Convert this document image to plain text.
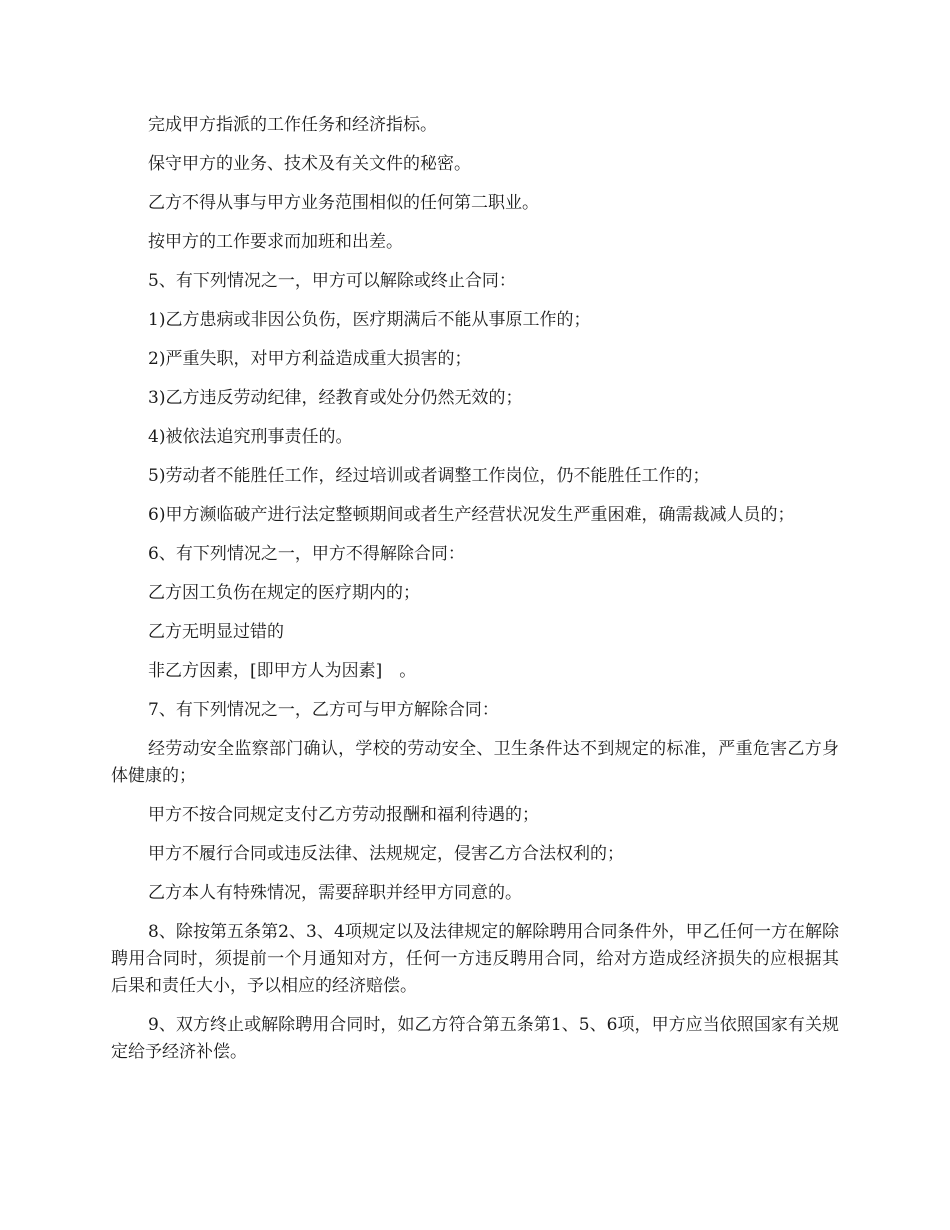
完成甲方指派的工作任务和经济指标。

保守甲方的业务、技术及有关文件的秘密。

乙方不得从事与甲方业务范围相似的任何第二职业。

按甲方的工作要求而加班和出差。

5、有下列情况之一，甲方可以解除或终止合同：

1)乙方患病或非因公负伤，医疗期满后不能从事原工作的；

2)严重失职，对甲方利益造成重大损害的；

3)乙方违反劳动纪律，经教育或处分仍然无效的；

4)被依法追究刑事责任的。

5)劳动者不能胜任工作，经过培训或者调整工作岗位，仍不能胜任工作的；

6)甲方濒临破产进行法定整顿期间或者生产经营状况发生严重困难，确需裁减人员的；

6、有下列情况之一，甲方不得解除合同：

乙方因工负伤在规定的医疗期内的；

乙方无明显过错的

非乙方因素，[即甲方人为因素]　。

7、有下列情况之一，乙方可与甲方解除合同：

经劳动安全监察部门确认，学校的劳动安全、卫生条件达不到规定的标准，严重危害乙方身体健康的；

甲方不按合同规定支付乙方劳动报酬和福利待遇的；

甲方不履行合同或违反法律、法规规定，侵害乙方合法权利的；

乙方本人有特殊情况，需要辞职并经甲方同意的。

8、除按第五条第2、3、4项规定以及法律规定的解除聘用合同条件外，甲乙任何一方在解除聘用合同时，须提前一个月通知对方，任何一方违反聘用合同，给对方造成经济损失的应根据其后果和责任大小，予以相应的经济赔偿。

9、双方终止或解除聘用合同时，如乙方符合第五条第1、5、6项，甲方应当依照国家有关规定给予经济补偿。
